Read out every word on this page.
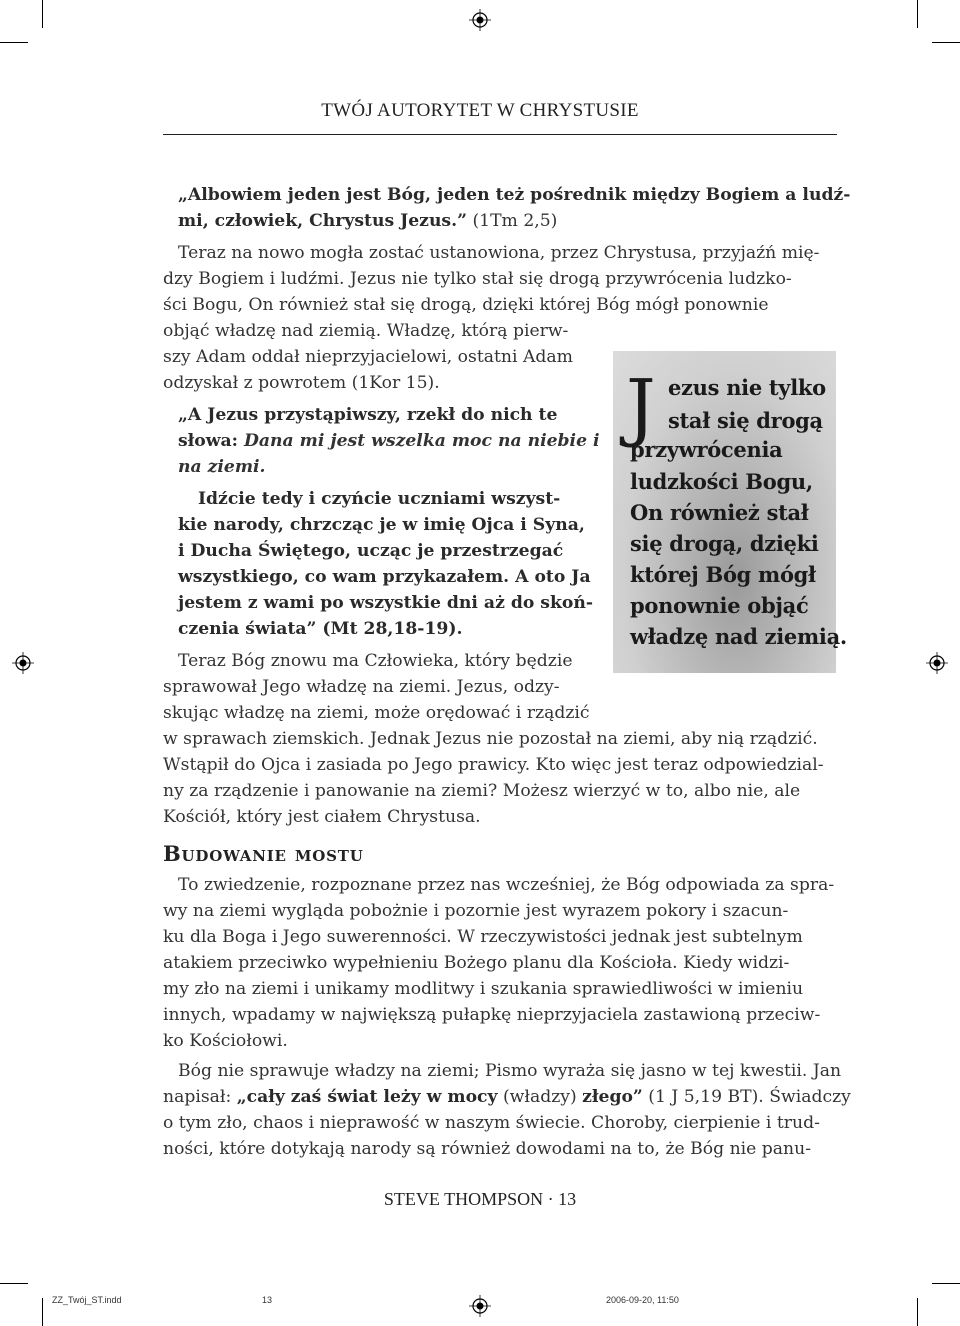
TWÓJ AUTORYTET W CHRYSTUSIE
„Albowiem jeden jest Bóg, jeden też pośrednik między Bogiem a ludź-
mi, człowiek, Chrystus Jezus.” (1Tm 2,5)
Teraz na nowo mogła zostać ustanowiona, przez Chrystusa, przyjaźń mię-
dzy Bogiem i ludźmi. Jezus nie tylko stał się drogą przywrócenia ludzko-
ści Bogu, On również stał się drogą, dzięki której Bóg mógł ponownie
objąć władzę nad ziemią. Władzę, którą pierw-
szy Adam oddał nieprzyjacielowi, ostatni Adam
odzyskał z powrotem (1Kor 15).
„A Jezus przystąpiwszy, rzekł do nich te
słowa: Dana mi jest wszelka moc na niebie i
na ziemi.
Idźcie tedy i czyńcie uczniami wszyst-
kie narody, chrzcząc je w imię Ojca i Syna,
i Ducha Świętego, ucząc je przestrzegać
wszystkiego, co wam przykazałem. A oto Ja
jestem z wami po wszystkie dni aż do skoń-
czenia świata” (Mt 28,18-19).
Teraz Bóg znowu ma Człowieka, który będzie
sprawował Jego władzę na ziemi. Jezus, odzy-
skując władzę na ziemi, może orędować i rządzić
w sprawach ziemskich. Jednak Jezus nie pozostał na ziemi, aby nią rządzić.
Wstąpił do Ojca i zasiada po Jego prawicy. Kto więc jest teraz odpowiedzial-
ny za rządzenie i panowanie na ziemi? Możesz wierzyć w to, albo nie, ale
Kościół, który jest ciałem Chrystusa.
J ezus nie tylko
stał się drogą
przywrócenia
ludzkości Bogu,
On również stał
się drogą, dzięki
której Bóg mógł
ponownie objąć
władzę nad ziemią.
Budowanie mostu
To zwiedzenie, rozpoznane przez nas wcześniej, że Bóg odpowiada za spra-
wy na ziemi wygląda pobożnie i pozornie jest wyrazem pokory i szacun-
ku dla Boga i Jego suwerenności. W rzeczywistości jednak jest subtelnym
atakiem przeciwko wypełnieniu Bożego planu dla Kościoła. Kiedy widzi-
my zło na ziemi i unikamy modlitwy i szukania sprawiedliwości w imieniu
innych, wpadamy w największą pułapkę nieprzyjaciela zastawioną przeciw-
ko Kościołowi.
Bóg nie sprawuje władzy na ziemi; Pismo wyraża się jasno w tej kwestii. Jan
napisał: „cały zaś świat leży w mocy (władzy) złego” (1 J 5,19 BT). Świadczy
o tym zło, chaos i nieprawość w naszym świecie. Choroby, cierpienie i trud-
ności, które dotykają narody są również dowodami na to, że Bóg nie panu-
STEVE THOMPSON · 13
ZZ_Twój_ST.indd	13	2006-09-20, 11:50
